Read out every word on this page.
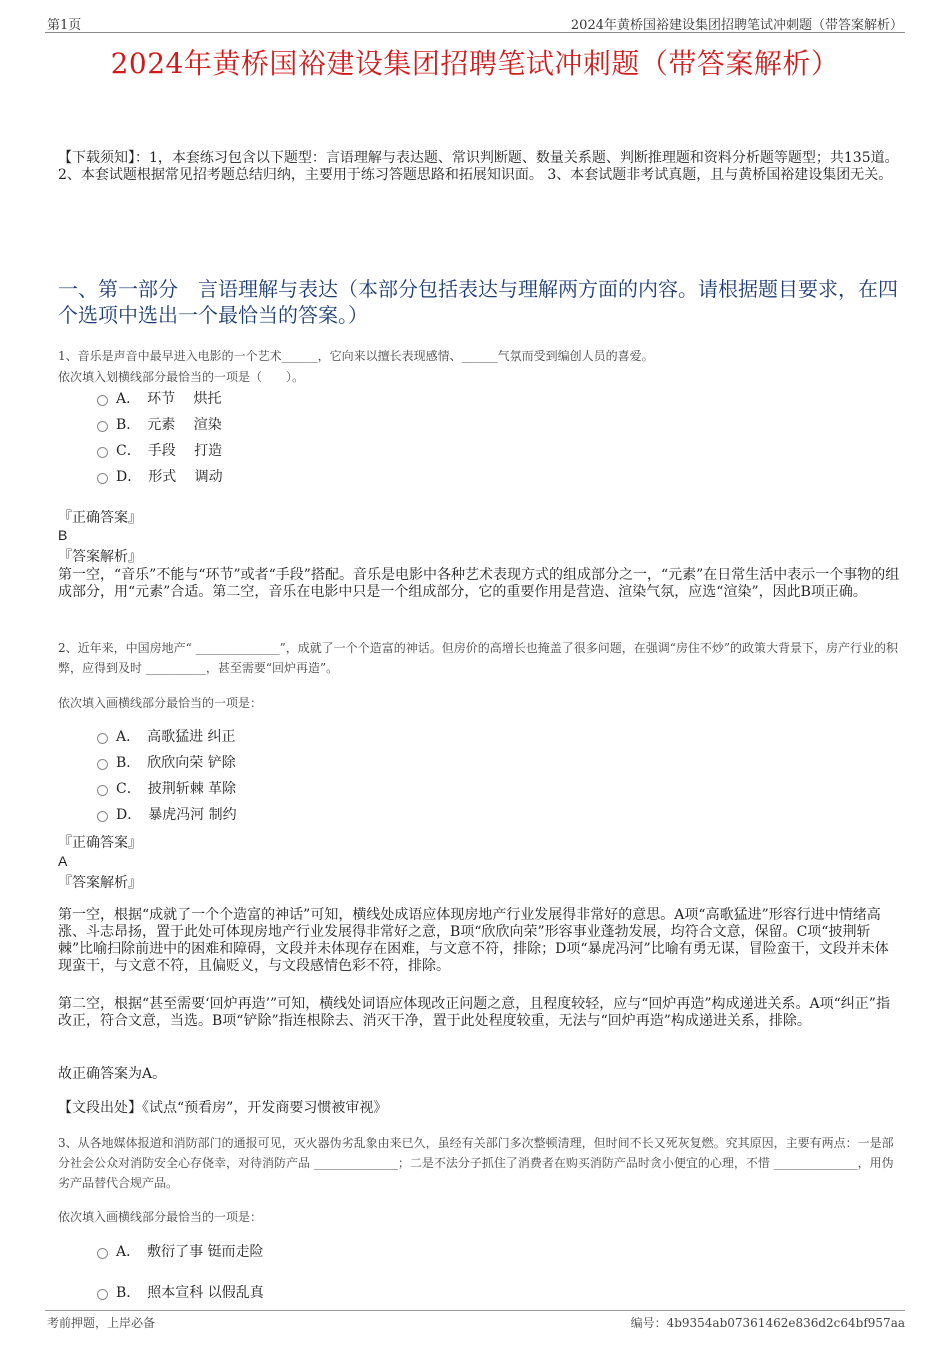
第1页	2024年黄桥国裕建设集团招聘笔试冲刺题（带答案解析）
2024年黄桥国裕建设集团招聘笔试冲刺题（带答案解析）
【下载须知】：1，本套练习包含以下题型：言语理解与表达题、常识判断题、数量关系题、判断推理题和资料分析题等题型；共135道。 2、本套试题根据常见招考题总结归纳，主要用于练习答题思路和拓展知识面。 3、本套试题非考试真题，且与黄桥国裕建设集团无关。
一、第一部分　言语理解与表达（本部分包括表达与理解两方面的内容。请根据题目要求，在四个选项中选出一个最恰当的答案。）
1、音乐是声音中最早进入电影的一个艺术______，它向来以擅长表现感情、______气氛而受到编创人员的喜爱。
依次填入划横线部分最恰当的一项是（　　）。
A．　环节　 烘托
B．　元素　 渲染
C．　手段　 打造
D．　形式　 调动
『正确答案』
B
『答案解析』
第一空，“音乐”不能与“环节”或者“手段”搭配。音乐是电影中各种艺术表现方式的组成部分之一，“元素”在日常生活中表示一个事物的组成部分，用“元素”合适。第二空，音乐在电影中只是一个组成部分，它的重要作用是营造、渲染气氛，应选“渲染”，因此B项正确。
2、近年来，中国房地产“ ______________”，成就了一个个造富的神话。但房价的高增长也掩盖了很多问题，在强调“房住不炒”的政策大背景下，房产行业的积弊，应得到及时 __________，甚至需要“回炉再造”。
依次填入画横线部分最恰当的一项是：
A．　高歌猛进 纠正
B．　欣欣向荣 铲除
C．　披荆斩棘 革除
D．　暴虎冯河 制约
『正确答案』
A
『答案解析』
第一空，根据“成就了一个个造富的神话”可知，横线处成语应体现房地产行业发展得非常好的意思。A项“高歌猛进”形容行进中情绪高涨、斗志昂扬，置于此处可体现房地产行业发展得非常好之意，B项“欣欣向荣”形容事业蓬勃发展，均符合文意，保留。C项“披荆斩棘”比喻扫除前进中的困难和障碍，文段并未体现存在困难，与文意不符，排除；D项“暴虎冯河”比喻有勇无谋，冒险蛮干，文段并未体现蛮干，与文意不符，且偏贬义，与文段感情色彩不符，排除。
第二空，根据“甚至需要‘回炉再造’”可知，横线处词语应体现改正问题之意，且程度较轻，应与“回炉再造”构成递进关系。A项“纠正”指改正，符合文意，当选。B项“铲除”指连根除去、消灭干净，置于此处程度较重，无法与“回炉再造”构成递进关系，排除。
故正确答案为A。
【文段出处】《试点“预看房”，开发商要习惯被审视》
3、从各地媒体报道和消防部门的通报可见，灭火器伪劣乱象由来已久，虽经有关部门多次整顿清理，但时间不长又死灰复燃。究其原因，主要有两点：一是部分社会公众对消防安全心存侥幸，对待消防产品 ______________；二是不法分子抓住了消费者在购买消防产品时贪小便宜的心理，不惜 ______________，用伪劣产品替代合规产品。
依次填入画横线部分最恰当的一项是：
A．　敷衍了事 铤而走险
B．　照本宣科 以假乱真
考前押题，上岸必备	编号：4b9354ab07361462e836d2c64bf957aa
